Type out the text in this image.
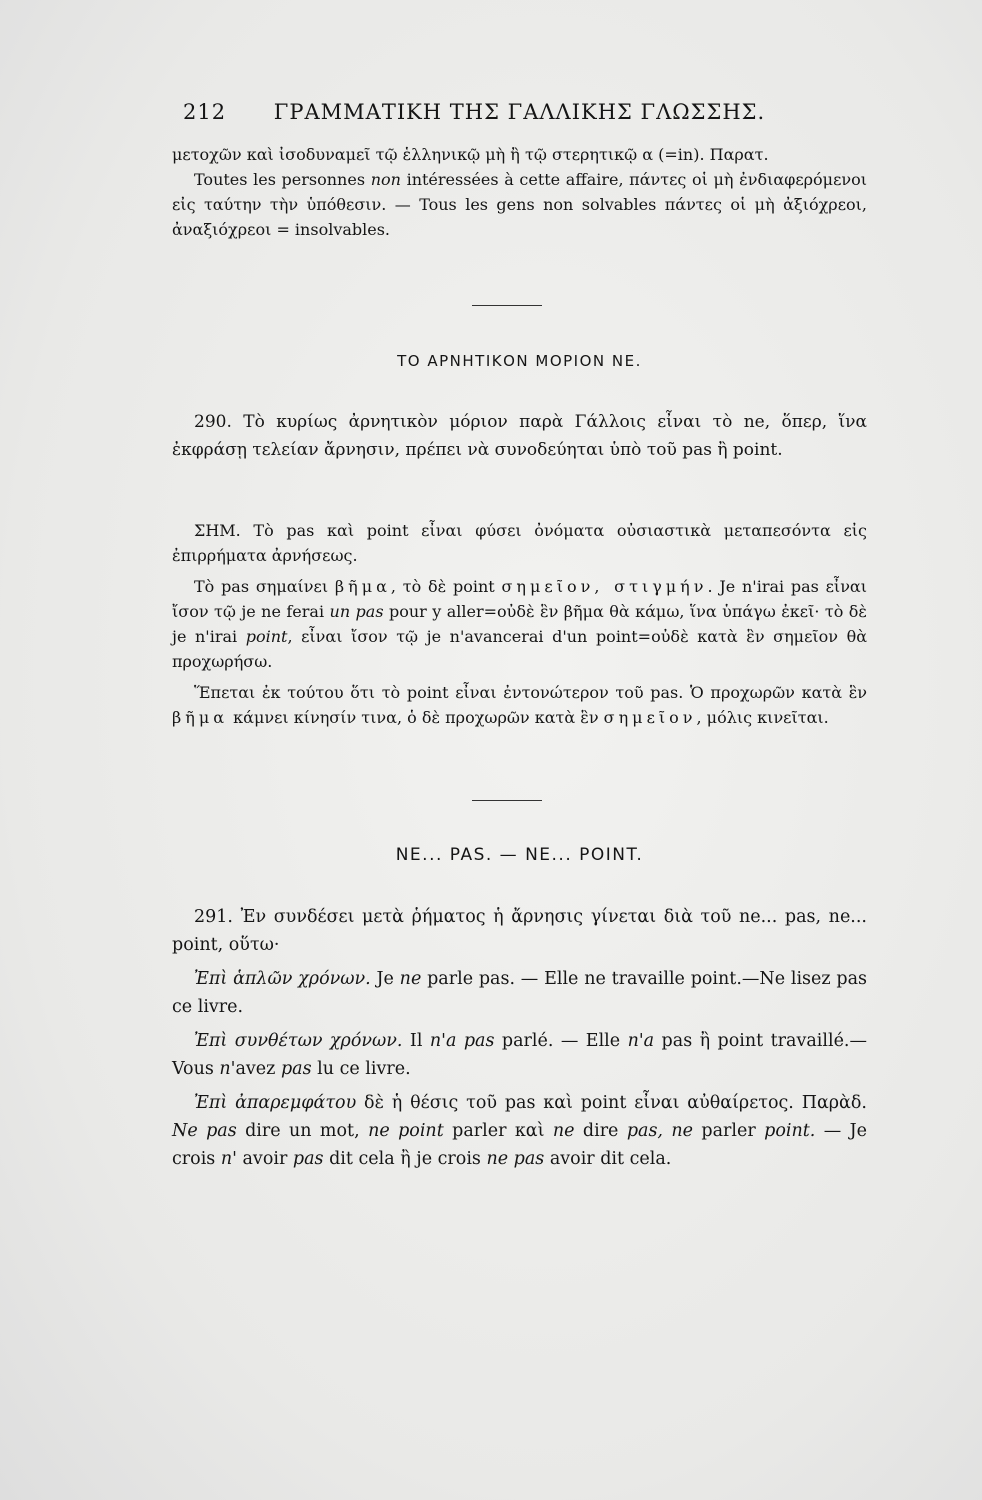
212 ΓΡΑΜΜΑΤΙΚΗ ΤΗΣ ΓΑΛΛΙΚΗΣ ΓΛΩΣΣΗΣ.

μετοχῶν καὶ ἰσοδυναμεῖ τῷ ἑλληνικῷ μὴ ἢ τῷ στερητικῷ α (=in). Παρατ.

Toutes les personnes non intéressées à cette affaire, πάντες οἱ μὴ ἐνδιαφερόμενοι εἰς ταύτην τὴν ὑπόθεσιν. — Tous les gens non solvables πάντες οἱ μὴ ἀξιόχρεοι, ἀναξιόχρεοι = insolvables.

ΤΟ ΑΡΝΗΤΙΚΟΝ ΜΟΡΙΟΝ ΝΕ.

290. Τὸ κυρίως ἀρνητικὸν μόριον παρὰ Γάλλοις εἶναι τὸ ne, ὅπερ, ἵνα ἐκφράσῃ τελείαν ἄρνησιν, πρέπει νὰ συνοδεύηται ὑπὸ τοῦ pas ἢ point.

ΣΗΜ. Τὸ pas καὶ point εἶναι φύσει ὀνόματα οὐσιαστικὰ μεταπεσόντα εἰς ἐπιρρήματα ἀρνήσεως.

Τὸ pas σημαίνει βῆμα, τὸ δὲ point σημεῖον, στιγμήν. Je n'irai pas εἶναι ἴσον τῷ je ne ferai un pas pour y aller=οὐδὲ ἓν βῆμα θὰ κάμω, ἵνα ὑπάγω ἐκεῖ· τὸ δὲ je n'irai point, εἶναι ἴσον τῷ je n'avancerai d'un point=οὐδὲ κατὰ ἓν σημεῖον θὰ προχωρήσω.

Ἕπεται ἐκ τούτου ὅτι τὸ point εἶναι ἐντονώτερον τοῦ pas. Ὁ προχωρῶν κατὰ ἓν βῆμα κάμνει κίνησίν τινα, ὁ δὲ προχωρῶν κατὰ ἓν σημεῖον, μόλις κινεῖται.

NE... PAS. — NE... POINT.

291. Ἐν συνδέσει μετὰ ῥήματος ἡ ἄρνησις γίνεται διὰ τοῦ ne... pas, ne... point, οὕτω·

Ἐπὶ ἁπλῶν χρόνων. Je ne parle pas. — Elle ne travaille point.—Ne lisez pas ce livre.

Ἐπὶ συνθέτων χρόνων. Il n'a pas parlé. — Elle n'a pas ἢ point travaillé.—Vous n'avez pas lu ce livre.

Ἐπὶ ἀπαρεμφάτου δὲ ἡ θέσις τοῦ pas καὶ point εἶναι αὐθαίρετος. Παρὰδ. Ne pas dire un mot, ne point parler καὶ ne dire pas, ne parler point. — Je crois n' avoir pas dit cela ἢ je crois ne pas avoir dit cela.
